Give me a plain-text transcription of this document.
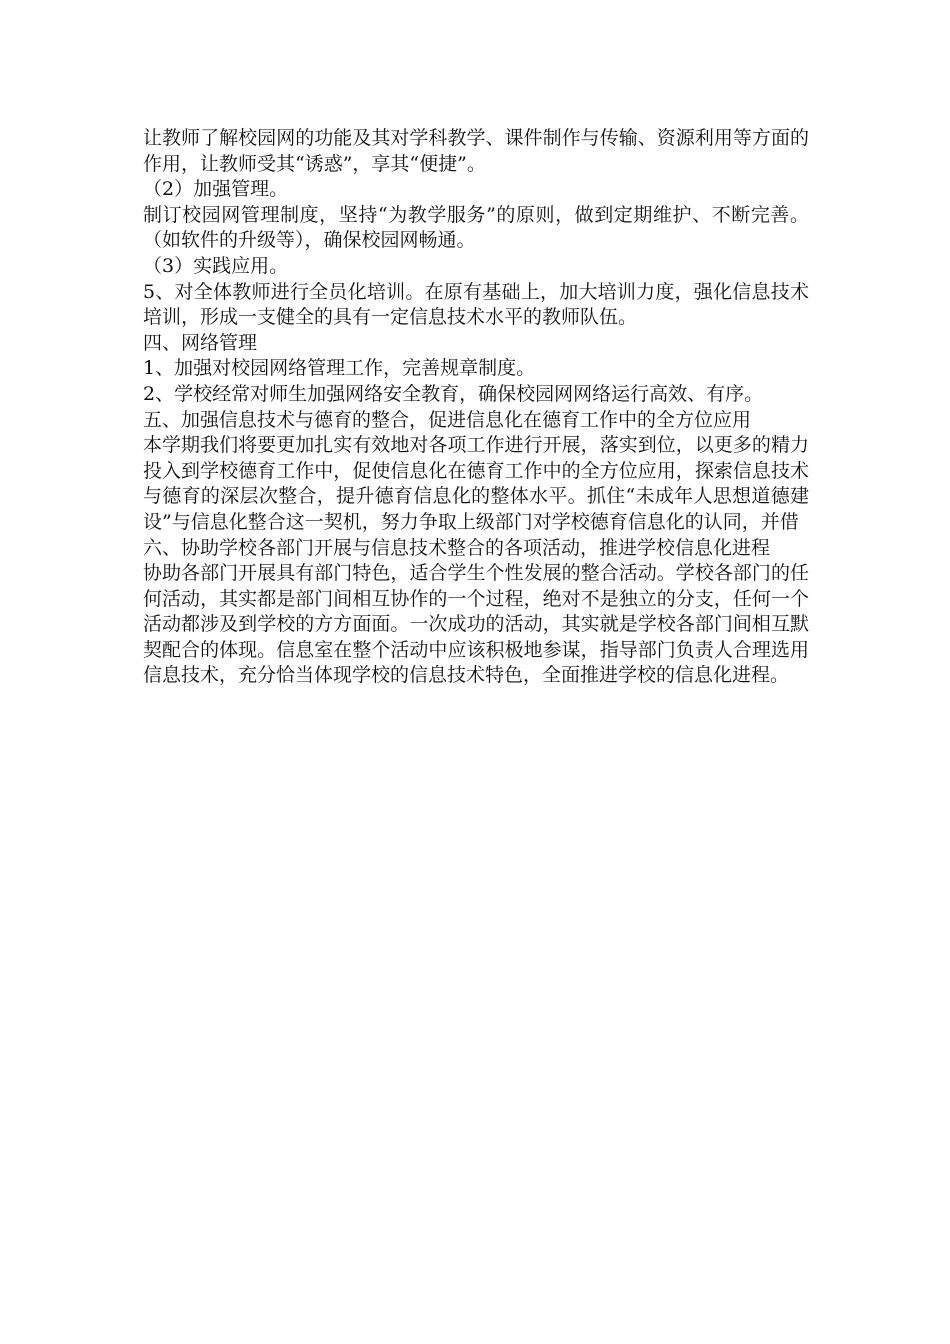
让教师了解校园网的功能及其对学科教学、课件制作与传输、资源利用等方面的作用，让教师受其“诱惑”，享其“便捷”。

（2）加强管理。

制订校园网管理制度，坚持“为教学服务”的原则，做到定期维护、不断完善。（如软件的升级等），确保校园网畅通。

（3）实践应用。

5、对全体教师进行全员化培训。在原有基础上，加大培训力度，强化信息技术培训，形成一支健全的具有一定信息技术水平的教师队伍。

四、网络管理

1、加强对校园网络管理工作，完善规章制度。

2、学校经常对师生加强网络安全教育，确保校园网网络运行高效、有序。

五、加强信息技术与德育的整合，促进信息化在德育工作中的全方位应用

本学期我们将要更加扎实有效地对各项工作进行开展，落实到位，以更多的精力投入到学校德育工作中，促使信息化在德育工作中的全方位应用，探索信息技术与德育的深层次整合，提升德育信息化的整体水平。抓住“未成年人思想道德建设”与信息化整合这一契机，努力争取上级部门对学校德育信息化的认同，并借

六、协助学校各部门开展与信息技术整合的各项活动，推进学校信息化进程

协助各部门开展具有部门特色，适合学生个性发展的整合活动。学校各部门的任何活动，其实都是部门间相互协作的一个过程，绝对不是独立的分支，任何一个活动都涉及到学校的方方面面。一次成功的活动，其实就是学校各部门间相互默契配合的体现。信息室在整个活动中应该积极地参谋，指导部门负责人合理选用信息技术，充分恰当体现学校的信息技术特色，全面推进学校的信息化进程。
